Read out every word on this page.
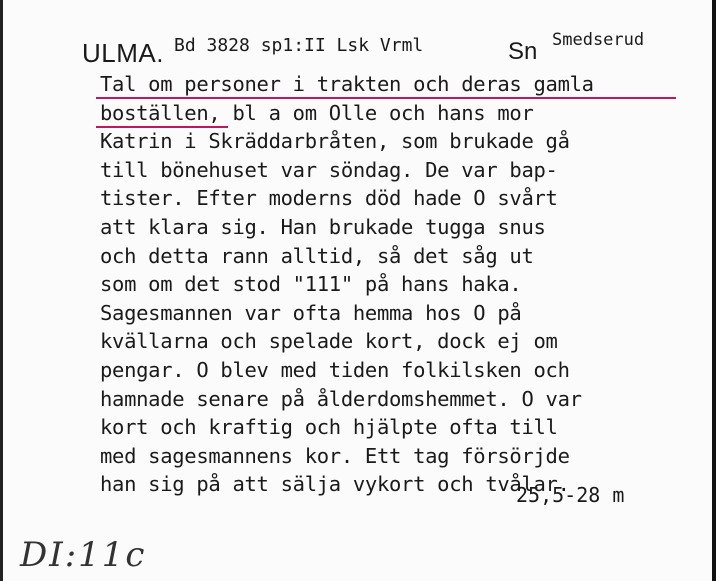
ULMA. Bd 3828 sp1:II Lsk Vrml	Sn Smedserud
Tal om personer i trakten och deras gamla
boställen, bl a om Olle och hans mor
Katrin i Skräddarbråten, som brukade gå
till bönehuset var söndag. De var bap-
tister. Efter moderns död hade O svårt
att klara sig. Han brukade tugga snus
och detta rann alltid, så det såg ut
som om det stod "111" på hans haka.
Sagesmannen var ofta hemma hos O på
kvällarna och spelade kort, dock ej om
pengar. O blev med tiden folkilsken och
hamnade senare på ålderdomshemmet. O var
kort och kraftig och hjälpte ofta till
med sagesmannens kor. Ett tag försörjde
han sig på att sälja vykort och tvålar.
25,5-28 m
DI:11c
